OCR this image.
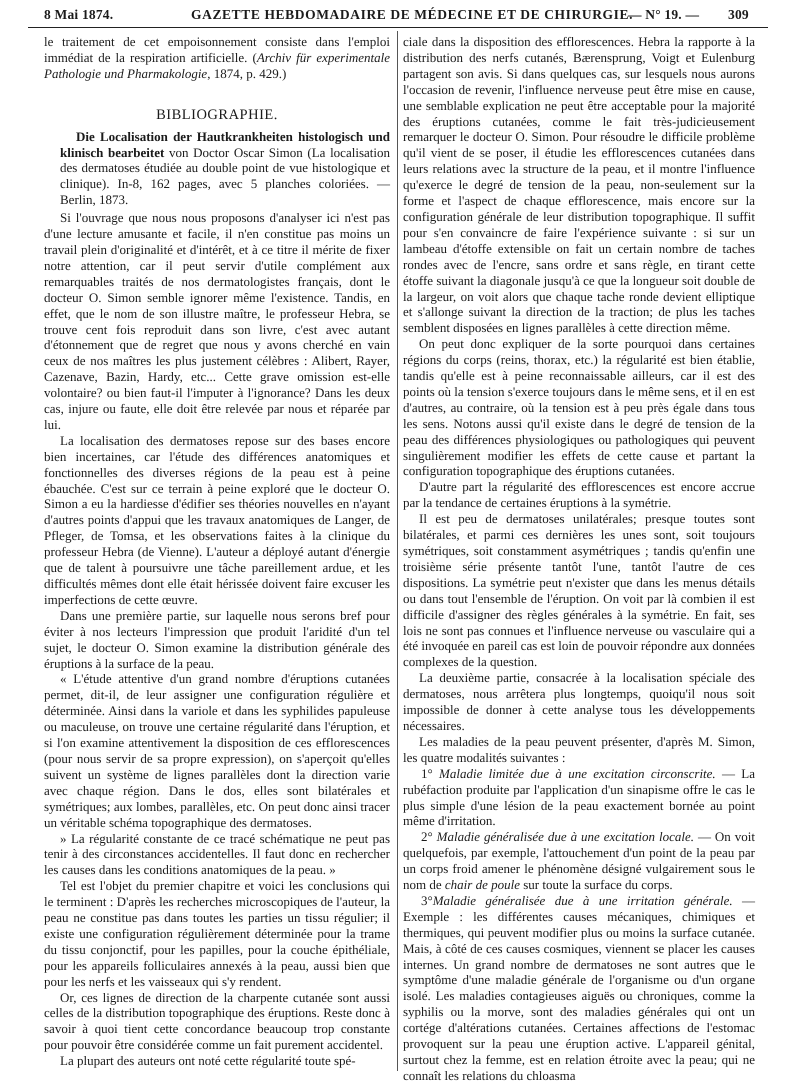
8 Mai 1874.	GAZETTE HEBDOMADAIRE DE MÉDECINE ET DE CHIRURGIE.
— N° 19. — 309

le traitement de cet empoisonnement consiste dans l'emploi immédiat de la respiration artificielle. (Archiv für experimentale Pathologie und Pharmakologie, 1874, p. 429.)

BIBLIOGRAPHIE.

Die Localisation der Hautkrankheiten histologisch und klinisch bearbeitet von Doctor Oscar Simon (La localisation des dermatoses étudiée au double point de vue histologique et clinique). In-8, 162 pages, avec 5 planches coloriées. — Berlin, 1873.

Si l'ouvrage que nous nous proposons d'analyser ici n'est pas d'une lecture amusante et facile, il n'en constitue pas moins un travail plein d'originalité et d'intérêt, et à ce titre il mérite de fixer notre attention, car il peut servir d'utile complément aux remarquables traités de nos dermatologistes français, dont le docteur O. Simon semble ignorer même l'existence. Tandis, en effet, que le nom de son illustre maître, le professeur Hebra, se trouve cent fois reproduit dans son livre, c'est avec autant d'étonnement que de regret que nous y avons cherché en vain ceux de nos maîtres les plus justement célèbres : Alibert, Rayer, Cazenave, Bazin, Hardy, etc... Cette grave omission est-elle volontaire? ou bien faut-il l'imputer à l'ignorance? Dans les deux cas, injure ou faute, elle doit être relevée par nous et réparée par lui.

La localisation des dermatoses repose sur des bases encore bien incertaines, car l'étude des différences anatomiques et fonctionnelles des diverses régions de la peau est à peine ébauchée. C'est sur ce terrain à peine exploré que le docteur O. Simon a eu la hardiesse d'édifier ses théories nouvelles en n'ayant d'autres points d'appui que les travaux anatomiques de Langer, de Pfleger, de Tomsa, et les observations faites à la clinique du professeur Hebra (de Vienne). L'auteur a déployé autant d'énergie que de talent à poursuivre une tâche pareillement ardue, et les difficultés mêmes dont elle était hérissée doivent faire excuser les imperfections de cette œuvre.

Dans une première partie, sur laquelle nous serons bref pour éviter à nos lecteurs l'impression que produit l'aridité d'un tel sujet, le docteur O. Simon examine la distribution générale des éruptions à la surface de la peau.

« L'étude attentive d'un grand nombre d'éruptions cutanées permet, dit-il, de leur assigner une configuration régulière et déterminée. Ainsi dans la variole et dans les syphilides papuleuse ou maculeuse, on trouve une certaine régularité dans l'éruption, et si l'on examine attentivement la disposition de ces efflorescences (pour nous servir de sa propre expression), on s'aperçoit qu'elles suivent un système de lignes parallèles dont la direction varie avec chaque région. Dans le dos, elles sont bilatérales et symétriques; aux lombes, parallèles, etc. On peut donc ainsi tracer un véritable schéma topographique des dermatoses.

» La régularité constante de ce tracé schématique ne peut pas tenir à des circonstances accidentelles. Il faut donc en rechercher les causes dans les conditions anatomiques de la peau. »

Tel est l'objet du premier chapitre et voici les conclusions qui le terminent : D'après les recherches microscopiques de l'auteur, la peau ne constitue pas dans toutes les parties un tissu régulier; il existe une configuration régulièrement déterminée pour la trame du tissu conjonctif, pour les papilles, pour la couche épithéliale, pour les appareils folliculaires annexés à la peau, aussi bien que pour les nerfs et les vaisseaux qui s'y rendent.

Or, ces lignes de direction de la charpente cutanée sont aussi celles de la distribution topographique des éruptions. Reste donc à savoir à quoi tient cette concordance beaucoup trop constante pour pouvoir être considérée comme un fait purement accidentel.

La plupart des auteurs ont noté cette régularité toute spé-

ciale dans la disposition des efflorescences. Hebra la rapporte à la distribution des nerfs cutanés, Bærensprung, Voigt et Eulenburg partagent son avis. Si dans quelques cas, sur lesquels nous aurons l'occasion de revenir, l'influence nerveuse peut être mise en cause, une semblable explication ne peut être acceptable pour la majorité des éruptions cutanées, comme le fait très-judicieusement remarquer le docteur O. Simon. Pour résoudre le difficile problème qu'il vient de se poser, il étudie les efflorescences cutanées dans leurs relations avec la structure de la peau, et il montre l'influence qu'exerce le degré de tension de la peau, non-seulement sur la forme et l'aspect de chaque efflorescence, mais encore sur la configuration générale de leur distribution topographique. Il suffit pour s'en convaincre de faire l'expérience suivante : si sur un lambeau d'étoffe extensible on fait un certain nombre de taches rondes avec de l'encre, sans ordre et sans règle, en tirant cette étoffe suivant la diagonale jusqu'à ce que la longueur soit double de la largeur, on voit alors que chaque tache ronde devient elliptique et s'allonge suivant la direction de la traction; de plus les taches semblent disposées en lignes parallèles à cette direction même.

On peut donc expliquer de la sorte pourquoi dans certaines régions du corps (reins, thorax, etc.) la régularité est bien établie, tandis qu'elle est à peine reconnaissable ailleurs, car il est des points où la tension s'exerce toujours dans le même sens, et il en est d'autres, au contraire, où la tension est à peu près égale dans tous les sens. Notons aussi qu'il existe dans le degré de tension de la peau des différences physiologiques ou pathologiques qui peuvent singulièrement modifier les effets de cette cause et partant la configuration topographique des éruptions cutanées.

D'autre part la régularité des efflorescences est encore accrue par la tendance de certaines éruptions à la symétrie.

Il est peu de dermatoses unilatérales; presque toutes sont bilatérales, et parmi ces dernières les unes sont, soit toujours symétriques, soit constamment asymétriques ; tandis qu'enfin une troisième série présente tantôt l'une, tantôt l'autre de ces dispositions. La symétrie peut n'exister que dans les menus détails ou dans tout l'ensemble de l'éruption. On voit par là combien il est difficile d'assigner des règles générales à la symétrie. En fait, ses lois ne sont pas connues et l'influence nerveuse ou vasculaire qui a été invoquée en pareil cas est loin de pouvoir répondre aux données complexes de la question.

La deuxième partie, consacrée à la localisation spéciale des dermatoses, nous arrêtera plus longtemps, quoiqu'il nous soit impossible de donner à cette analyse tous les développements nécessaires.

Les maladies de la peau peuvent présenter, d'après M. Simon, les quatre modalités suivantes :

1° Maladie limitée due à une excitation circonscrite. — La rubéfaction produite par l'application d'un sinapisme offre le cas le plus simple d'une lésion de la peau exactement bornée au point même d'irritation.

2° Maladie généralisée due à une excitation locale. — On voit quelquefois, par exemple, l'attouchement d'un point de la peau par un corps froid amener le phénomène désigné vulgairement sous le nom de chair de poule sur toute la surface du corps.

3°Maladie généralisée due à une irritation générale. — Exemple : les différentes causes mécaniques, chimiques et thermiques, qui peuvent modifier plus ou moins la surface cutanée. Mais, à côté de ces causes cosmiques, viennent se placer les causes internes. Un grand nombre de dermatoses ne sont autres que le symptôme d'une maladie générale de l'organisme ou d'un organe isolé. Les maladies contagieuses aiguës ou chroniques, comme la syphilis ou la morve, sont des maladies générales qui ont un cortége d'altérations cutanées. Certaines affections de l'estomac provoquent sur la peau une éruption active. L'appareil génital, surtout chez la femme, est en relation étroite avec la peau; qui ne connaît les relations du chloasma
